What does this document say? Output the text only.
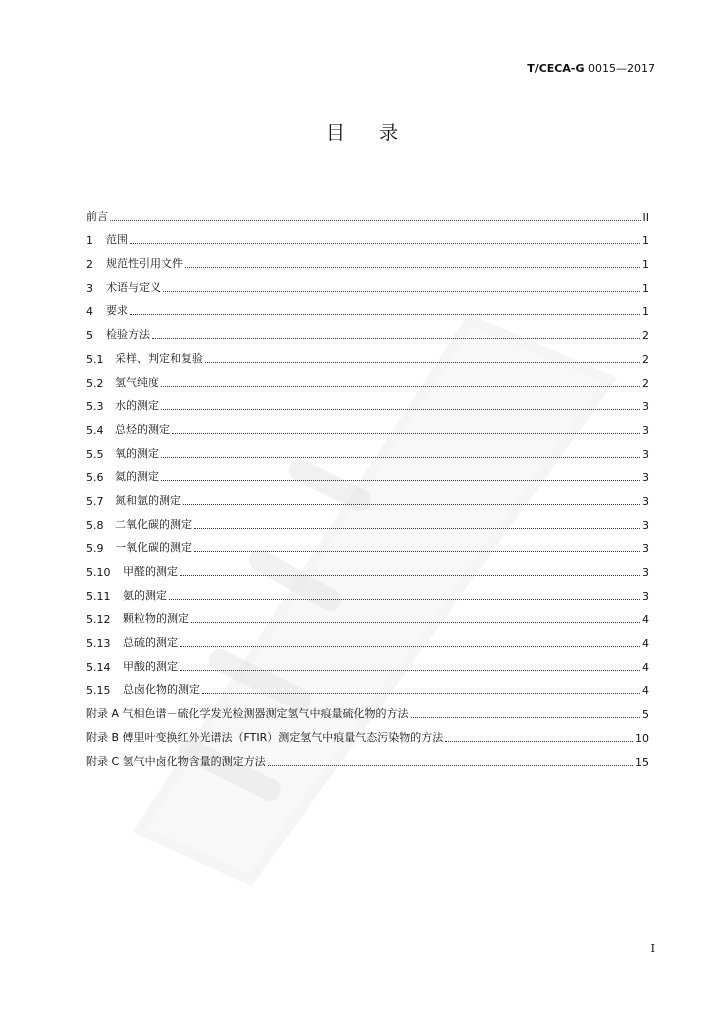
T/CECA-G 0015—2017
目录
前言	II
1	范围	1
2	规范性引用文件	1
3	术语与定义	1
4	要求	1
5	检验方法	2
5.1	采样、判定和复验	2
5.2	氢气纯度	2
5.3	水的测定	3
5.4	总烃的测定	3
5.5	氧的测定	3
5.6	氦的测定	3
5.7	氮和氩的测定	3
5.8	二氧化碳的测定	3
5.9	一氧化碳的测定	3
5.10	甲醛的测定	3
5.11	氨的测定	3
5.12	颗粒物的测定	4
5.13	总硫的测定	4
5.14	甲酸的测定	4
5.15	总卤化物的测定	4
附录 A 气相色谱－硫化学发光检测器测定氢气中痕量硫化物的方法	5
附录 B 傅里叶变换红外光谱法（FTIR）测定氢气中痕量气态污染物的方法	10
附录 C 氢气中卤化物含量的测定方法	15
I
